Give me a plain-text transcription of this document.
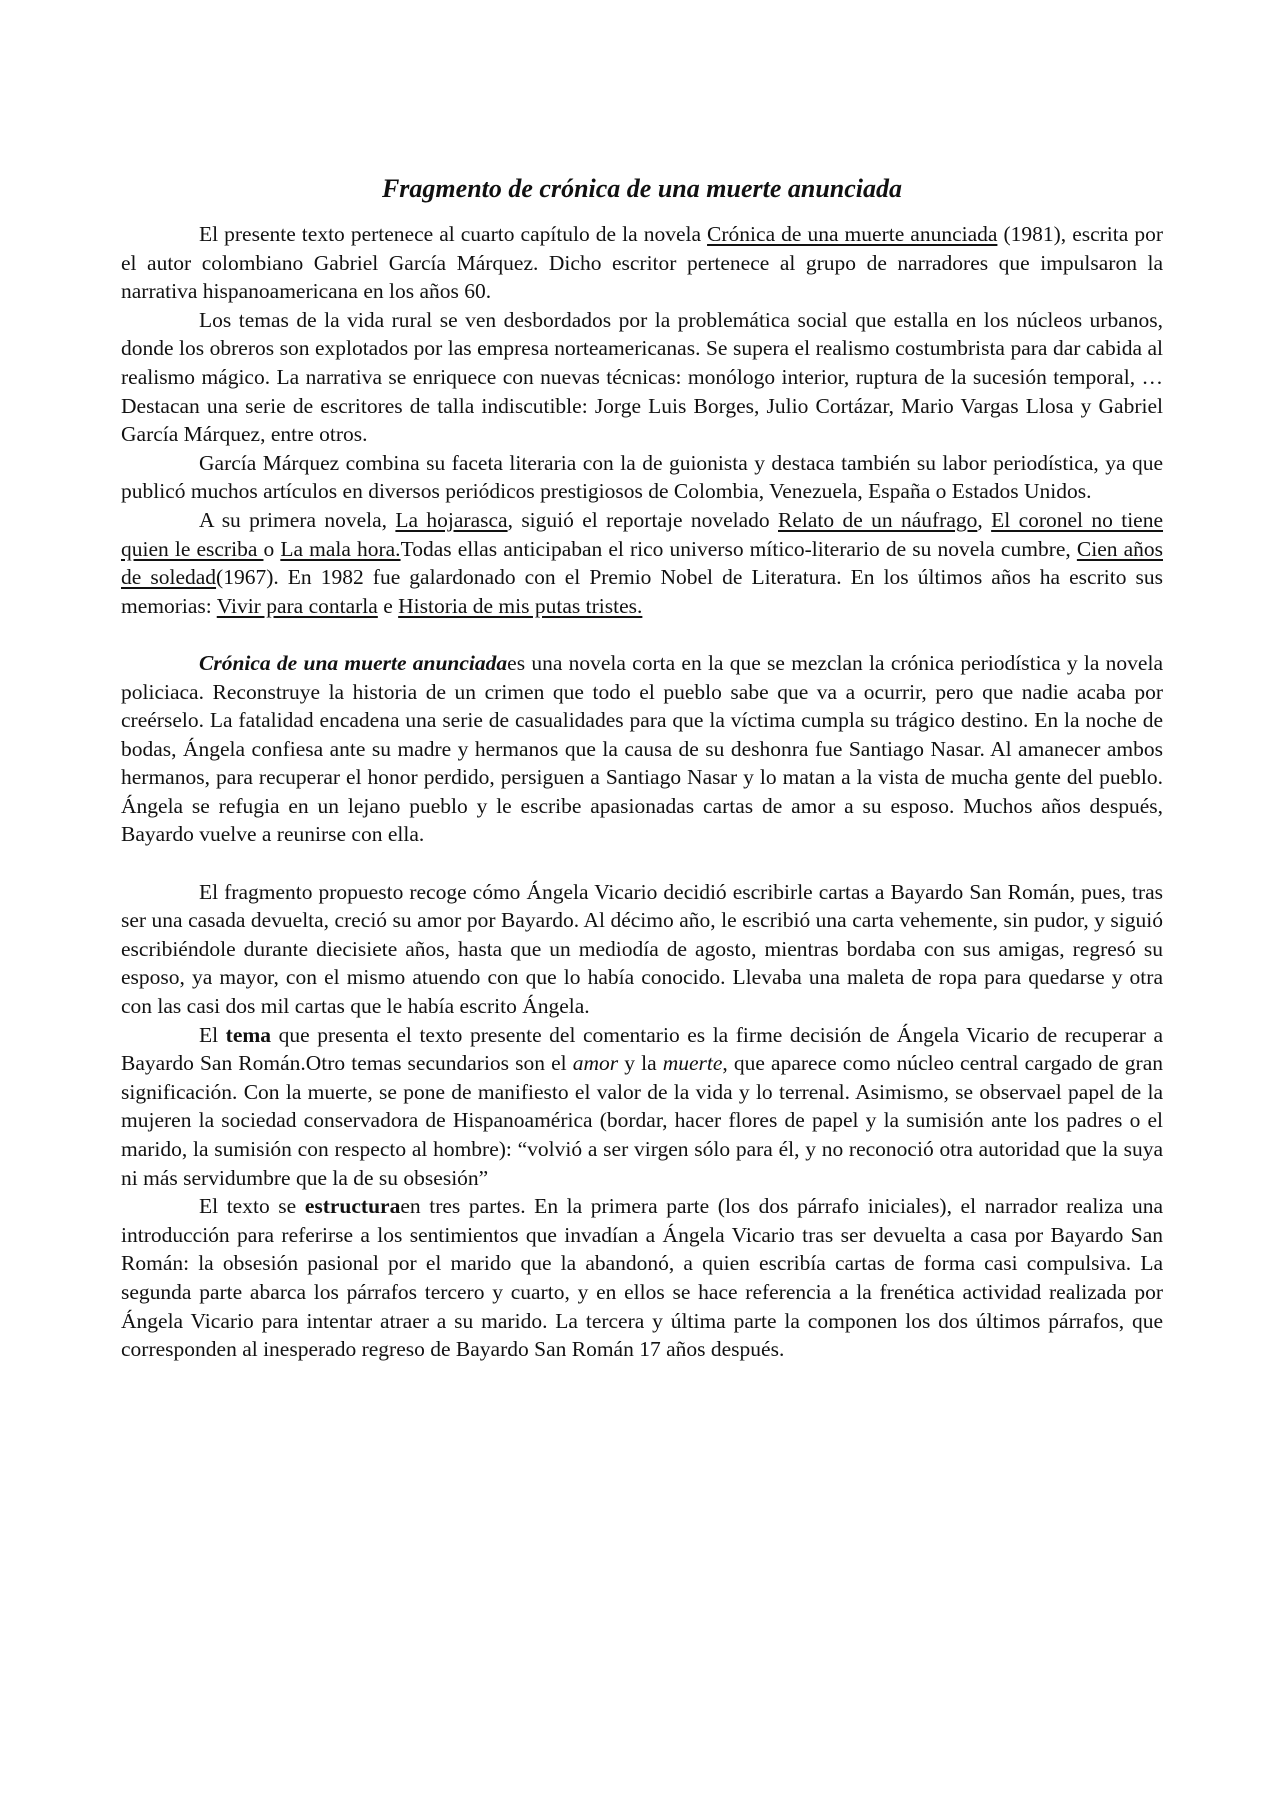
Fragmento de crónica de una muerte anunciada

El presente texto pertenece al cuarto capítulo de la novela Crónica de una muerte anunciada (1981), escrita por el autor colombiano Gabriel García Márquez. Dicho escritor pertenece al grupo de narradores que impulsaron la narrativa hispanoamericana en los años 60.

Los temas de la vida rural se ven desbordados por la problemática social que estalla en los núcleos urbanos, donde los obreros son explotados por las empresa norteamericanas. Se supera el realismo costumbrista para dar cabida al realismo mágico. La narrativa se enriquece con nuevas técnicas: monólogo interior, ruptura de la sucesión temporal, … Destacan una serie de escritores de talla indiscutible: Jorge Luis Borges, Julio Cortázar, Mario Vargas Llosa y Gabriel García Márquez, entre otros.

García Márquez combina su faceta literaria con la de guionista y destaca también su labor periodística, ya que publicó muchos artículos en diversos periódicos prestigiosos de Colombia, Venezuela, España o Estados Unidos.

A su primera novela, La hojarasca, siguió el reportaje novelado Relato de un náufrago, El coronel no tiene quien le escriba o La mala hora.Todas ellas anticipaban el rico universo mítico-literario de su novela cumbre, Cien años de soledad(1967). En 1982 fue galardonado con el Premio Nobel de Literatura. En los últimos años ha escrito sus memorias: Vivir para contarla e Historia de mis putas tristes.

Crónica de una muerte anunciadaes una novela corta en la que se mezclan la crónica periodística y la novela policiaca. Reconstruye la historia de un crimen que todo el pueblo sabe que va a ocurrir, pero que nadie acaba por creérselo. La fatalidad encadena una serie de casualidades para que la víctima cumpla su trágico destino. En la noche de bodas, Ángela confiesa ante su madre y hermanos que la causa de su deshonra fue Santiago Nasar. Al amanecer ambos hermanos, para recuperar el honor perdido, persiguen a Santiago Nasar y lo matan a la vista de mucha gente del pueblo. Ángela se refugia en un lejano pueblo y le escribe apasionadas cartas de amor a su esposo. Muchos años después, Bayardo vuelve a reunirse con ella.

El fragmento propuesto recoge cómo Ángela Vicario decidió escribirle cartas a Bayardo San Román, pues, tras ser una casada devuelta, creció su amor por Bayardo. Al décimo año, le escribió una carta vehemente, sin pudor, y siguió escribiéndole durante diecisiete años, hasta que un mediodía de agosto, mientras bordaba con sus amigas, regresó su esposo, ya mayor, con el mismo atuendo con que lo había conocido. Llevaba una maleta de ropa para quedarse y otra con las casi dos mil cartas que le había escrito Ángela.

El tema que presenta el texto presente del comentario es la firme decisión de Ángela Vicario de recuperar a Bayardo San Román.Otro temas secundarios son el amor y la muerte, que aparece como núcleo central cargado de gran significación. Con la muerte, se pone de manifiesto el valor de la vida y lo terrenal. Asimismo, se observael papel de la mujeren la sociedad conservadora de Hispanoamérica (bordar, hacer flores de papel y la sumisión ante los padres o el marido, la sumisión con respecto al hombre): “volvió a ser virgen sólo para él, y no reconoció otra autoridad que la suya ni más servidumbre que la de su obsesión”

El texto se estructuraen tres partes. En la primera parte (los dos párrafo iniciales), el narrador realiza una introducción para referirse a los sentimientos que invadían a Ángela Vicario tras ser devuelta a casa por Bayardo San Román: la obsesión pasional por el marido que la abandonó, a quien escribía cartas de forma casi compulsiva. La segunda parte abarca los párrafos tercero y cuarto, y en ellos se hace referencia a la frenética actividad realizada por Ángela Vicario para intentar atraer a su marido. La tercera y última parte la componen los dos últimos párrafos, que corresponden al inesperado regreso de Bayardo San Román 17 años después.
